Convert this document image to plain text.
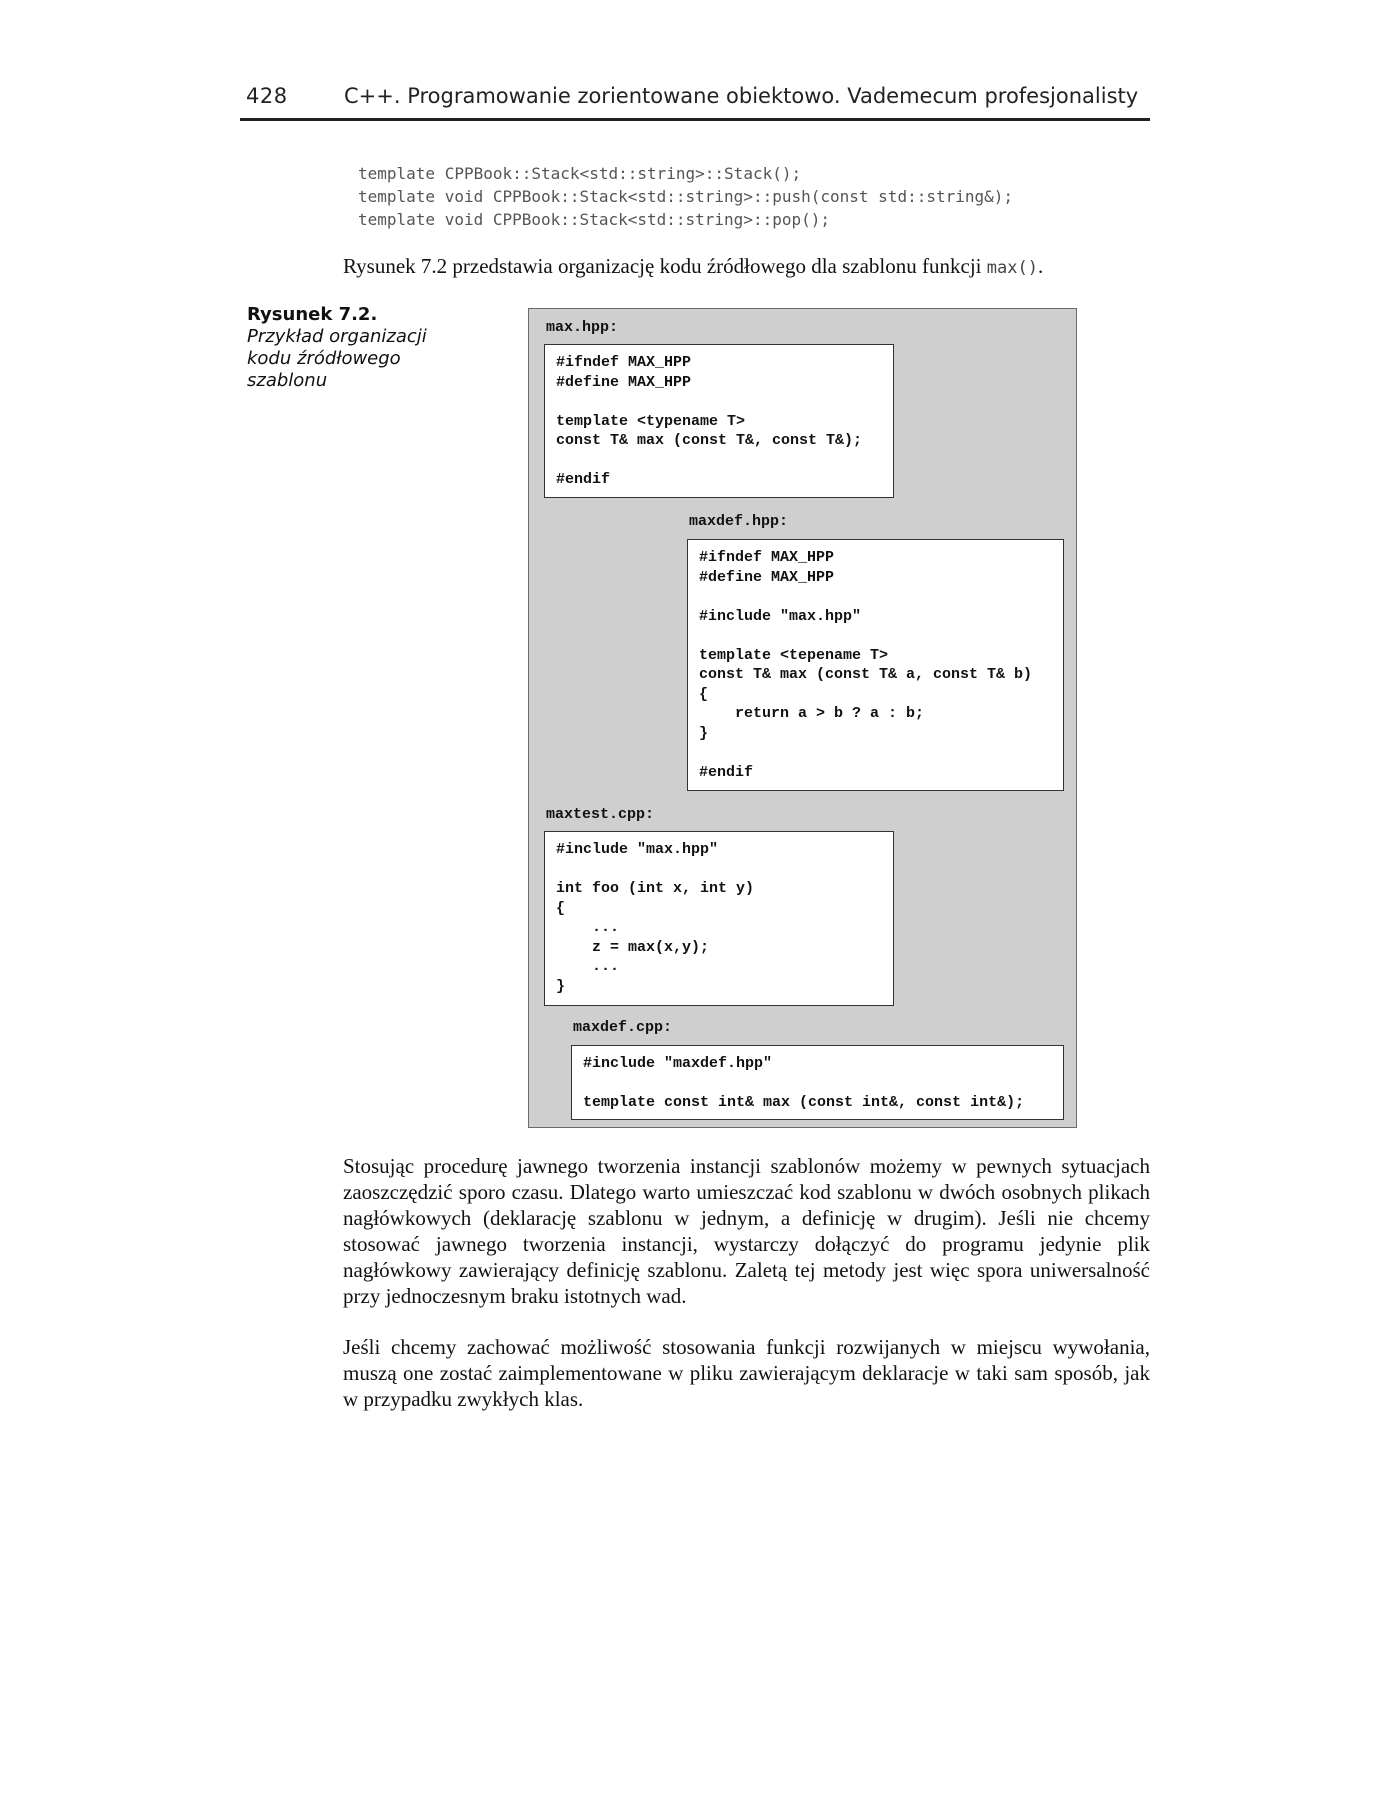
428	C++. Programowanie zorientowane obiektowo. Vademecum profesjonalisty
template CPPBook::Stack<std::string>::Stack();
template void CPPBook::Stack<std::string>::push(const std::string&);
template void CPPBook::Stack<std::string>::pop();
Rysunek 7.2 przedstawia organizację kodu źródłowego dla szablonu funkcji max().
Rysunek 7.2.
Przykład organizacji kodu źródłowego szablonu
max.hpp:
#ifndef MAX_HPP
#define MAX_HPP

template <typename T>
const T& max (const T&, const T&);

#endif
maxdef.hpp:
#ifndef MAX_HPP
#define MAX_HPP

#include "max.hpp"

template <tepename T>
const T& max (const T& a, const T& b)
{
return a > b ? a : b;
}

#endif
maxtest.cpp:
#include "max.hpp"

int foo (int x, int y)
{
...
z = max(x,y);
...
}
maxdef.cpp:
#include "maxdef.hpp"

template const int& max (const int&, const int&);
Stosując procedurę jawnego tworzenia instancji szablonów możemy w pewnych sytuacjach zaoszczędzić sporo czasu. Dlatego warto umieszczać kod szablonu w dwóch osobnych plikach nagłówkowych (deklarację szablonu w jednym, a definicję w drugim). Jeśli nie chcemy stosować jawnego tworzenia instancji, wystarczy dołączyć do programu jedynie plik nagłówkowy zawierający definicję szablonu. Zaletą tej metody jest więc spora uniwersalność przy jednoczesnym braku istotnych wad.
Jeśli chcemy zachować możliwość stosowania funkcji rozwijanych w miejscu wywołania, muszą one zostać zaimplementowane w pliku zawierającym deklaracje w taki sam sposób, jak w przypadku zwykłych klas.
